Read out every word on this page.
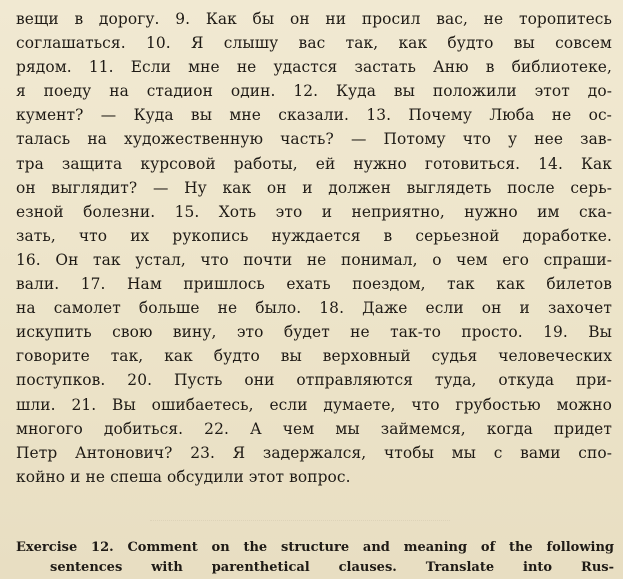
вещи в дорогу. 9. Как бы он ни просил вас, не торопитесь
соглашаться. 10. Я слышу вас так, как будто вы совсем
рядом. 11. Если мне не удастся застать Аню в библиотеке,
я поеду на стадион один. 12. Куда вы положили этот до-
кумент? — Куда вы мне сказали. 13. Почему Люба не ос-
талась на художественную часть? — Потому что у нее зав-
тра защита курсовой работы, ей нужно готовиться. 14. Как
он выглядит? — Ну как он и должен выглядеть после серь-
езной болезни. 15. Хоть это и неприятно, нужно им ска-
зать, что их рукопись нуждается в серьезной доработке.
16. Он так устал, что почти не понимал, о чем его спраши-
вали. 17. Нам пришлось ехать поездом, так как билетов
на самолет больше не было. 18. Даже если он и захочет
искупить свою вину, это будет не так-то просто. 19. Вы
говорите так, как будто вы верховный судья человеческих
поступков. 20. Пусть они отправляются туда, откуда при-
шли. 21. Вы ошибаетесь, если думаете, что грубостью можно
многого добиться. 22. А чем мы займемся, когда придет
Петр Антонович? 23. Я задержался, чтобы мы с вами спо-
койно и не спеша обсудили этот вопрос.
Exercise 12. Comment on the structure and meaning of the following
sentences with parenthetical clauses. Translate into Rus-
